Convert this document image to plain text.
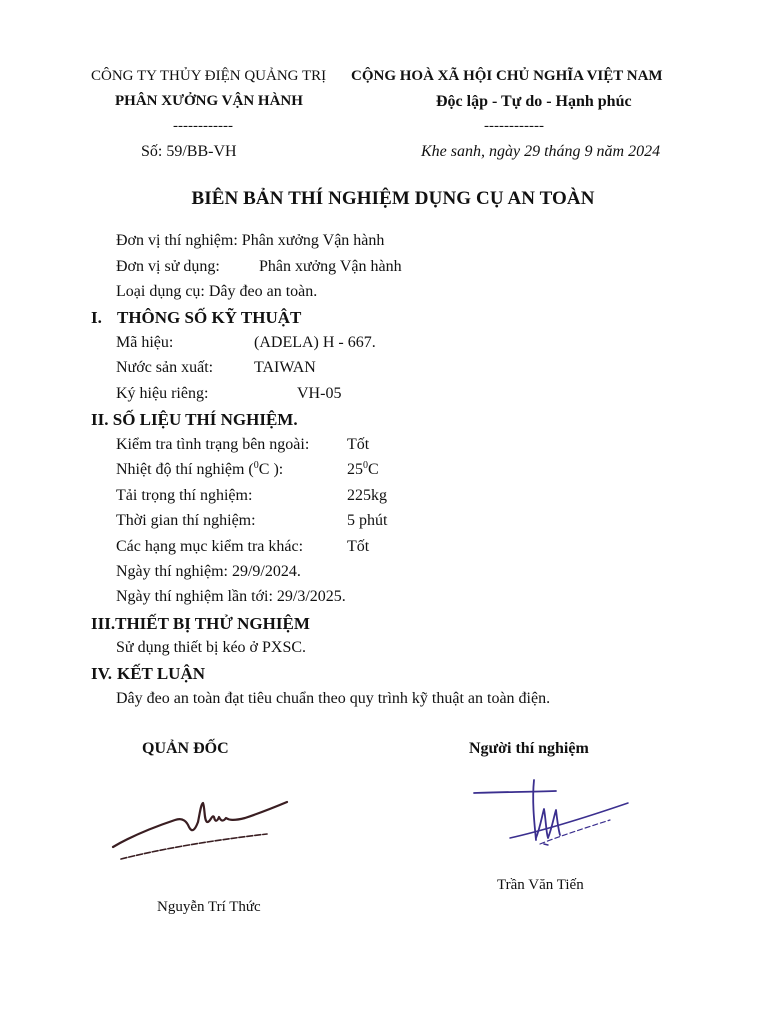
CÔNG TY THỦY ĐIỆN QUẢNG TRỊ
PHÂN XƯỞNG VẬN HÀNH
------------
Số: 59/BB-VH
CỘNG HOÀ XÃ HỘI CHỦ NGHĨA VIỆT NAM
Độc lập - Tự do - Hạnh phúc
------------
Khe sanh, ngày 29 tháng 9 năm 2024
BIÊN BẢN THÍ NGHIỆM DỤNG CỤ AN TOÀN
Đơn vị thí nghiệm: Phân xưởng Vận hành
Đơn vị sử dụng: Phân xưởng Vận hành
Loại dụng cụ: Dây đeo an toàn.
I. THÔNG SỐ KỸ THUẬT
Mã hiệu:	(ADELA) H - 667.
Nước sản xuất:	TAIWAN
Ký hiệu riêng:	VH-05
II. SỐ LIỆU THÍ NGHIỆM.
Kiểm tra tình trạng bên ngoài: Tốt
Nhiệt độ thí nghiệm ($^0$C ):	$25^0C$
Tải trọng thí nghiệm:	225kg
Thời gian thí nghiệm:	5 phút
Các hạng mục kiểm tra khác:	Tốt
Ngày thí nghiệm: 29/9/2024.
Ngày thí nghiệm lần tới: 29/3/2025.
III.THIẾT BỊ THỬ NGHIỆM
Sử dụng thiết bị kéo ở PXSC.
IV. KẾT LUẬN
Dây đeo an toàn đạt tiêu chuẩn theo quy trình kỹ thuật an toàn điện.
QUẢN ĐỐC	Người thí nghiệm
Trần Văn Tiến
Nguyễn Trí Thức
